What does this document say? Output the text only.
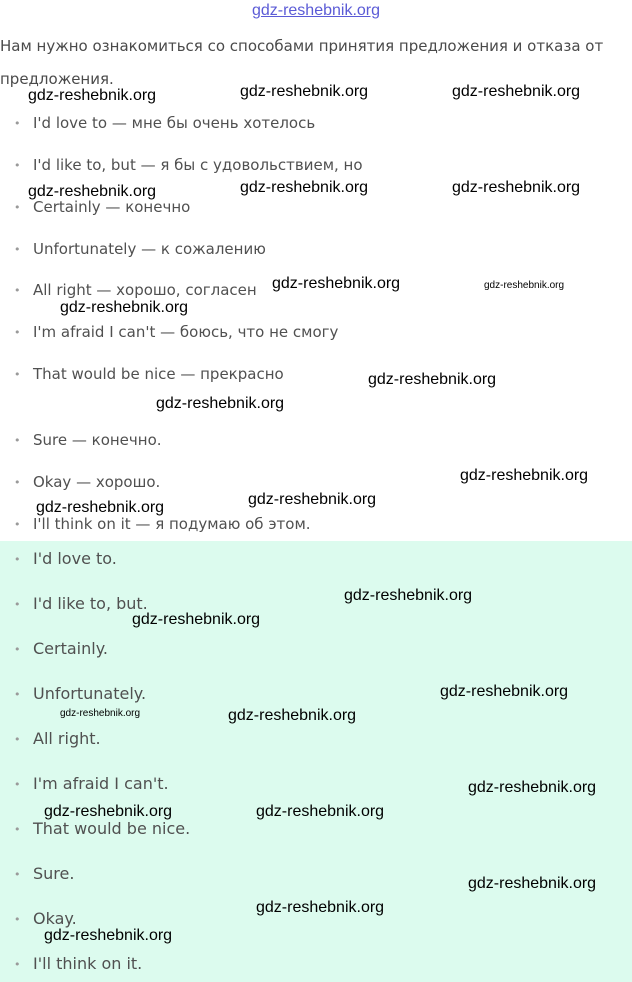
gdz-reshebnik.org
Нам нужно ознакомиться со способами принятия предложения и отказа от предложения.
• I'd love to — мне бы очень хотелось
• I'd like to, but — я бы с удовольствием, но
• Certainly — конечно
• Unfortunately — к сожалению
• All right — хорошо, согласен
• I'm afraid I can't — боюсь, что не смогу
• That would be nice — прекрасно
• Sure — конечно.
• Okay — хорошо.
• I'll think on it — я подумаю об этом.
• I'd love to.
• I'd like to, but.
• Certainly.
• Unfortunately.
• All right.
• I'm afraid I can't.
• That would be nice.
• Sure.
• Okay.
• I'll think on it.
gdz-reshebnik.org	gdz-reshebnik.org	gdz-reshebnik.org
gdz-reshebnik.org	gdz-reshebnik.org	gdz-reshebnik.org
gdz-reshebnik.org	gdz-reshebnik.org
gdz-reshebnik.org
gdz-reshebnik.org
gdz-reshebnik.org
gdz-reshebnik.org
gdz-reshebnik.org
gdz-reshebnik.org
gdz-reshebnik.org
gdz-reshebnik.org
gdz-reshebnik.org
gdz-reshebnik.org	gdz-reshebnik.org
gdz-reshebnik.org
gdz-reshebnik.org	gdz-reshebnik.org
gdz-reshebnik.org
gdz-reshebnik.org
gdz-reshebnik.org
